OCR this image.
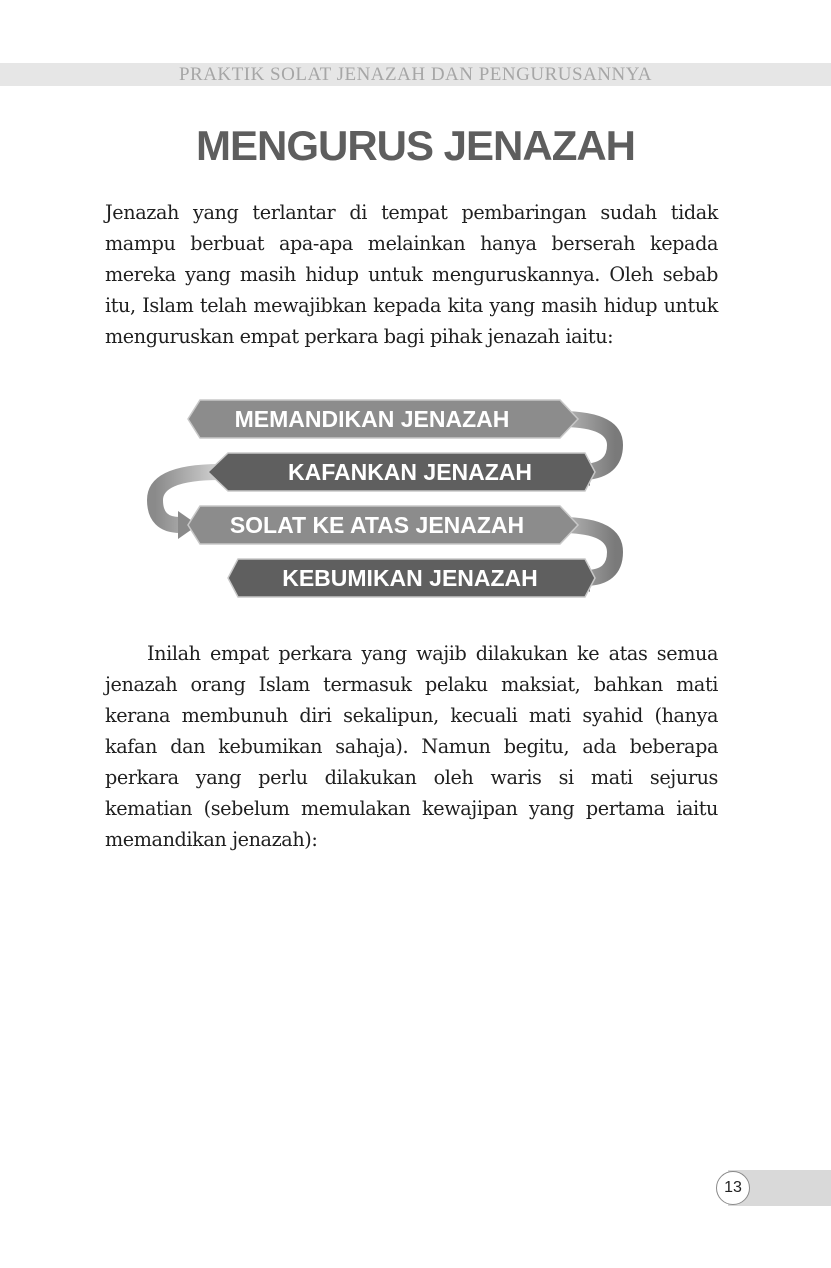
PRAKTIK SOLAT JENAZAH DAN PENGURUSANNYA
MENGURUS JENAZAH

Jenazah yang terlantar di tempat pembaringan sudah tidak mampu berbuat apa-apa melainkan hanya berserah kepada mereka yang masih hidup untuk menguruskannya. Oleh sebab itu, Islam telah mewajibkan kepada kita yang masih hidup untuk menguruskan empat perkara bagi pihak jenazah iaitu:

MEMANDIKAN JENAZAH
KAFANKAN JENAZAH
SOLAT KE ATAS JENAZAH
KEBUMIKAN JENAZAH

Inilah empat perkara yang wajib dilakukan ke atas semua jenazah orang Islam termasuk pelaku maksiat, bahkan mati kerana membunuh diri sekalipun, kecuali mati syahid (hanya kafan dan kebumikan sahaja). Namun begitu, ada beberapa perkara yang perlu dilakukan oleh waris si mati sejurus kematian (sebelum memulakan kewajipan yang pertama iaitu memandikan jenazah):

13
